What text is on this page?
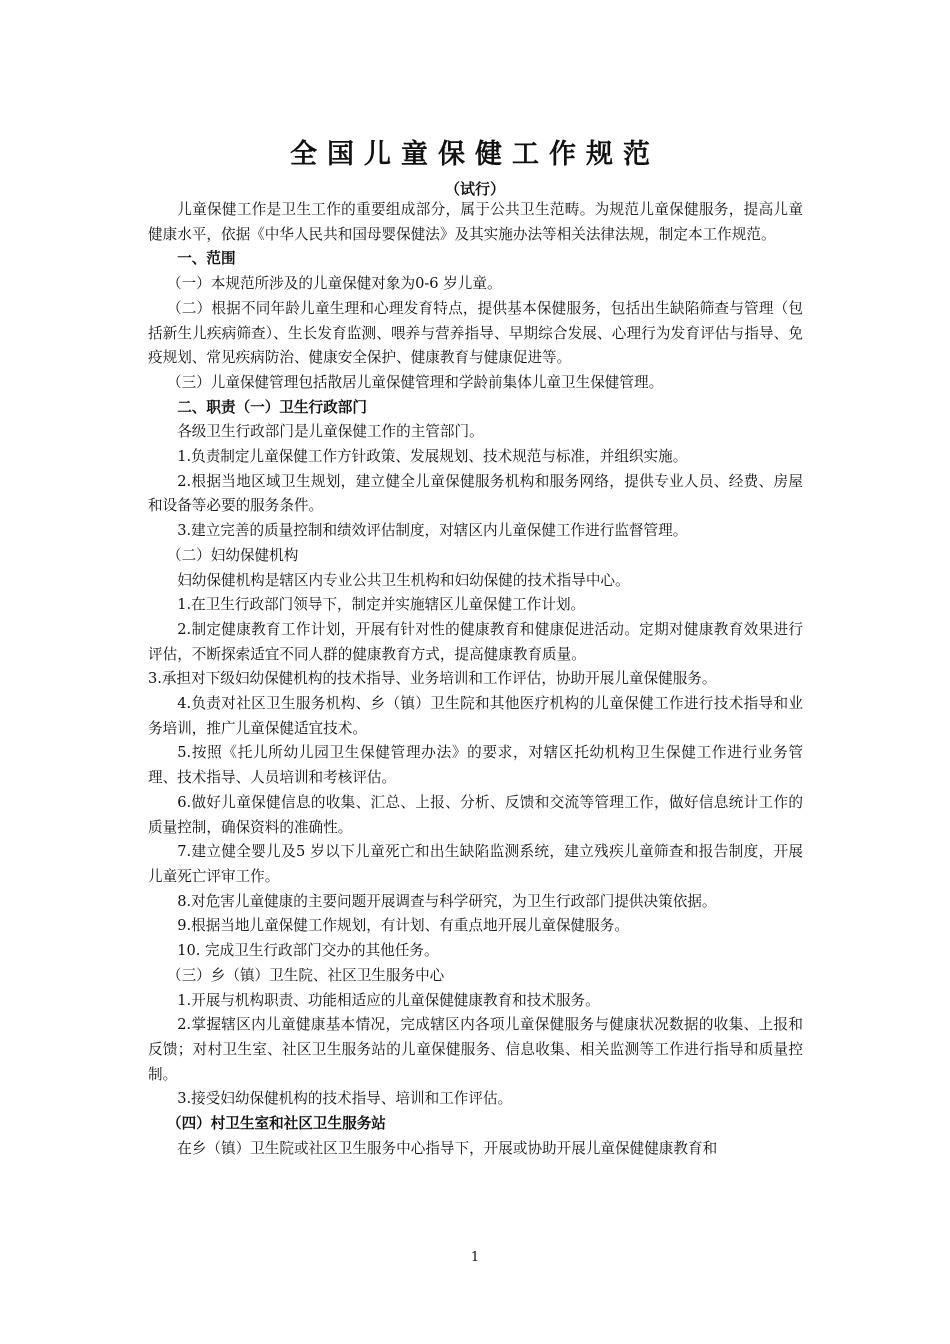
全国儿童保健工作规范
（试行）

儿童保健工作是卫生工作的重要组成部分，属于公共卫生范畴。为规范儿童保健服务，提高儿童健康水平，依据《中华人民共和国母婴保健法》及其实施办法等相关法律法规，制定本工作规范。

一、范围

（一）本规范所涉及的儿童保健对象为0-6 岁儿童。

（二）根据不同年龄儿童生理和心理发育特点，提供基本保健服务，包括出生缺陷筛查与管理（包括新生儿疾病筛查）、生长发育监测、喂养与营养指导、早期综合发展、心理行为发育评估与指导、免疫规划、常见疾病防治、健康安全保护、健康教育与健康促进等。

（三）儿童保健管理包括散居儿童保健管理和学龄前集体儿童卫生保健管理。

二、职责（一）卫生行政部门

各级卫生行政部门是儿童保健工作的主管部门。

1.负责制定儿童保健工作方针政策、发展规划、技术规范与标准，并组织实施。

2.根据当地区域卫生规划，建立健全儿童保健服务机构和服务网络，提供专业人员、经费、房屋和设备等必要的服务条件。

3.建立完善的质量控制和绩效评估制度，对辖区内儿童保健工作进行监督管理。

（二）妇幼保健机构

妇幼保健机构是辖区内专业公共卫生机构和妇幼保健的技术指导中心。

1.在卫生行政部门领导下，制定并实施辖区儿童保健工作计划。

2.制定健康教育工作计划，开展有针对性的健康教育和健康促进活动。定期对健康教育效果进行评估，不断探索适宜不同人群的健康教育方式，提高健康教育质量。

3.承担对下级妇幼保健机构的技术指导、业务培训和工作评估，协助开展儿童保健服务。

4.负责对社区卫生服务机构、乡（镇）卫生院和其他医疗机构的儿童保健工作进行技术指导和业务培训，推广儿童保健适宜技术。

5.按照《托儿所幼儿园卫生保健管理办法》的要求，对辖区托幼机构卫生保健工作进行业务管理、技术指导、人员培训和考核评估。

6.做好儿童保健信息的收集、汇总、上报、分析、反馈和交流等管理工作，做好信息统计工作的质量控制，确保资料的准确性。

7.建立健全婴儿及5 岁以下儿童死亡和出生缺陷监测系统，建立残疾儿童筛查和报告制度，开展儿童死亡评审工作。

8.对危害儿童健康的主要问题开展调查与科学研究，为卫生行政部门提供决策依据。

9.根据当地儿童保健工作规划，有计划、有重点地开展儿童保健服务。

10. 完成卫生行政部门交办的其他任务。

（三）乡（镇）卫生院、社区卫生服务中心

1.开展与机构职责、功能相适应的儿童保健健康教育和技术服务。

2.掌握辖区内儿童健康基本情况，完成辖区内各项儿童保健服务与健康状况数据的收集、上报和反馈；对村卫生室、社区卫生服务站的儿童保健服务、信息收集、相关监测等工作进行指导和质量控制。

3.接受妇幼保健机构的技术指导、培训和工作评估。

（四）村卫生室和社区卫生服务站

在乡（镇）卫生院或社区卫生服务中心指导下，开展或协助开展儿童保健健康教育和

1
